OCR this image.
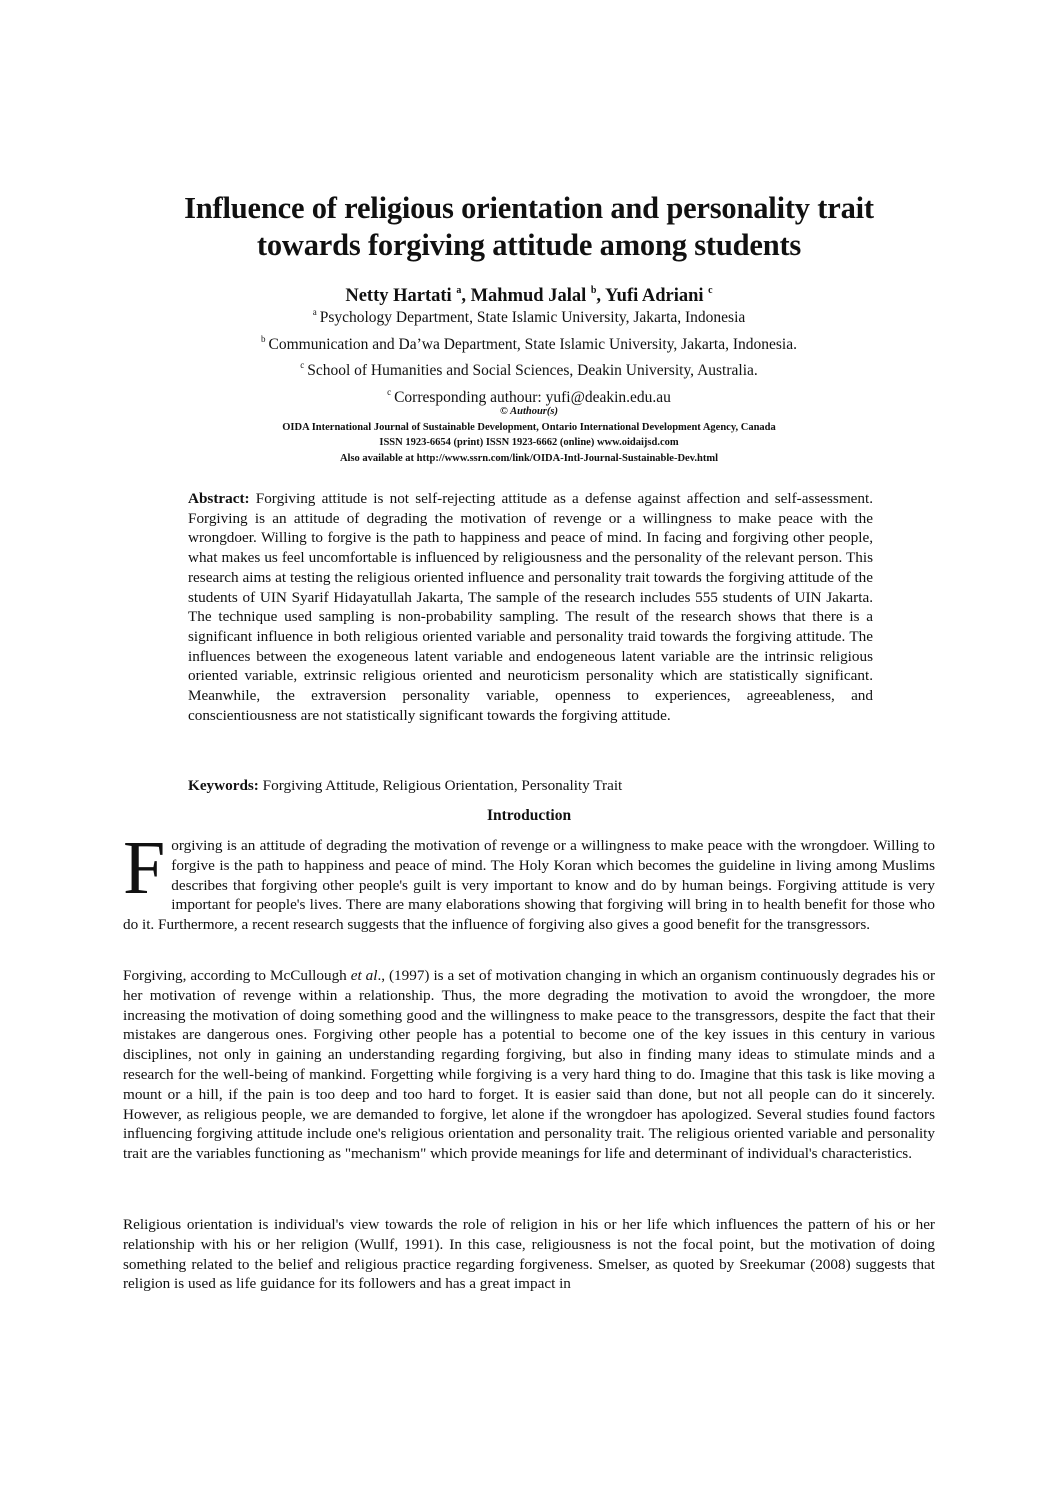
Influence of religious orientation and personality trait
towards forgiving attitude among students
Netty Hartati $^a$, Mahmud Jalal $^b$, Yufi Adriani $^c$
$^a$ Psychology Department, State Islamic University, Jakarta, Indonesia
$^b$ Communication and Da’wa Department, State Islamic University, Jakarta, Indonesia.
$^c$ School of Humanities and Social Sciences, Deakin University, Australia.
$^c$ Corresponding authour: yufi@deakin.edu.au
© Authour(s)
OIDA International Journal of Sustainable Development, Ontario International Development Agency, Canada
ISSN 1923-6654 (print) ISSN 1923-6662 (online) www.oidaijsd.com
Also available at http://www.ssrn.com/link/OIDA-Intl-Journal-Sustainable-Dev.html
Abstract: Forgiving attitude is not self-rejecting attitude as a defense against affection and self-assessment. Forgiving is an attitude of degrading the motivation of revenge or a willingness to make peace with the wrongdoer. Willing to forgive is the path to happiness and peace of mind. In facing and forgiving other people, what makes us feel uncomfortable is influenced by religiousness and the personality of the relevant person. This research aims at testing the religious oriented influence and personality trait towards the forgiving attitude of the students of UIN Syarif Hidayatullah Jakarta, The sample of the research includes 555 students of UIN Jakarta. The technique used sampling is non-probability sampling. The result of the research shows that there is a significant influence in both religious oriented variable and personality traid towards the forgiving attitude. The influences between the exogeneous latent variable and endogeneous latent variable are the intrinsic religious oriented variable, extrinsic religious oriented and neuroticism personality which are statistically significant. Meanwhile, the extraversion personality variable, openness to experiences, agreeableness, and conscientiousness are not statistically significant towards the forgiving attitude.
Keywords: Forgiving Attitude, Religious Orientation, Personality Trait
Introduction
Forgiving is an attitude of degrading the motivation of revenge or a willingness to make peace with the wrongdoer. Willing to forgive is the path to happiness and peace of mind. The Holy Koran which becomes the guideline in living among Muslims describes that forgiving other people's guilt is very important to know and do by human beings. Forgiving attitude is very important for people's lives. There are many elaborations showing that forgiving will bring in to health benefit for those who do it. Furthermore, a recent research suggests that the influence of forgiving also gives a good benefit for the transgressors.
Forgiving, according to McCullough et al., (1997) is a set of motivation changing in which an organism continuously degrades his or her motivation of revenge within a relationship. Thus, the more degrading the motivation to avoid the wrongdoer, the more increasing the motivation of doing something good and the willingness to make peace to the transgressors, despite the fact that their mistakes are dangerous ones. Forgiving other people has a potential to become one of the key issues in this century in various disciplines, not only in gaining an understanding regarding forgiving, but also in finding many ideas to stimulate minds and a research for the well-being of mankind. Forgetting while forgiving is a very hard thing to do. Imagine that this task is like moving a mount or a hill, if the pain is too deep and too hard to forget. It is easier said than done, but not all people can do it sincerely. However, as religious people, we are demanded to forgive, let alone if the wrongdoer has apologized. Several studies found factors influencing forgiving attitude include one's religious orientation and personality trait. The religious oriented variable and personality trait are the variables functioning as "mechanism" which provide meanings for life and determinant of individual's characteristics.
Religious orientation is individual's view towards the role of religion in his or her life which influences the pattern of his or her relationship with his or her religion (Wullf, 1991). In this case, religiousness is not the focal point, but the motivation of doing something related to the belief and religious practice regarding forgiveness. Smelser, as quoted by Sreekumar (2008) suggests that religion is used as life guidance for its followers and has a great impact in
